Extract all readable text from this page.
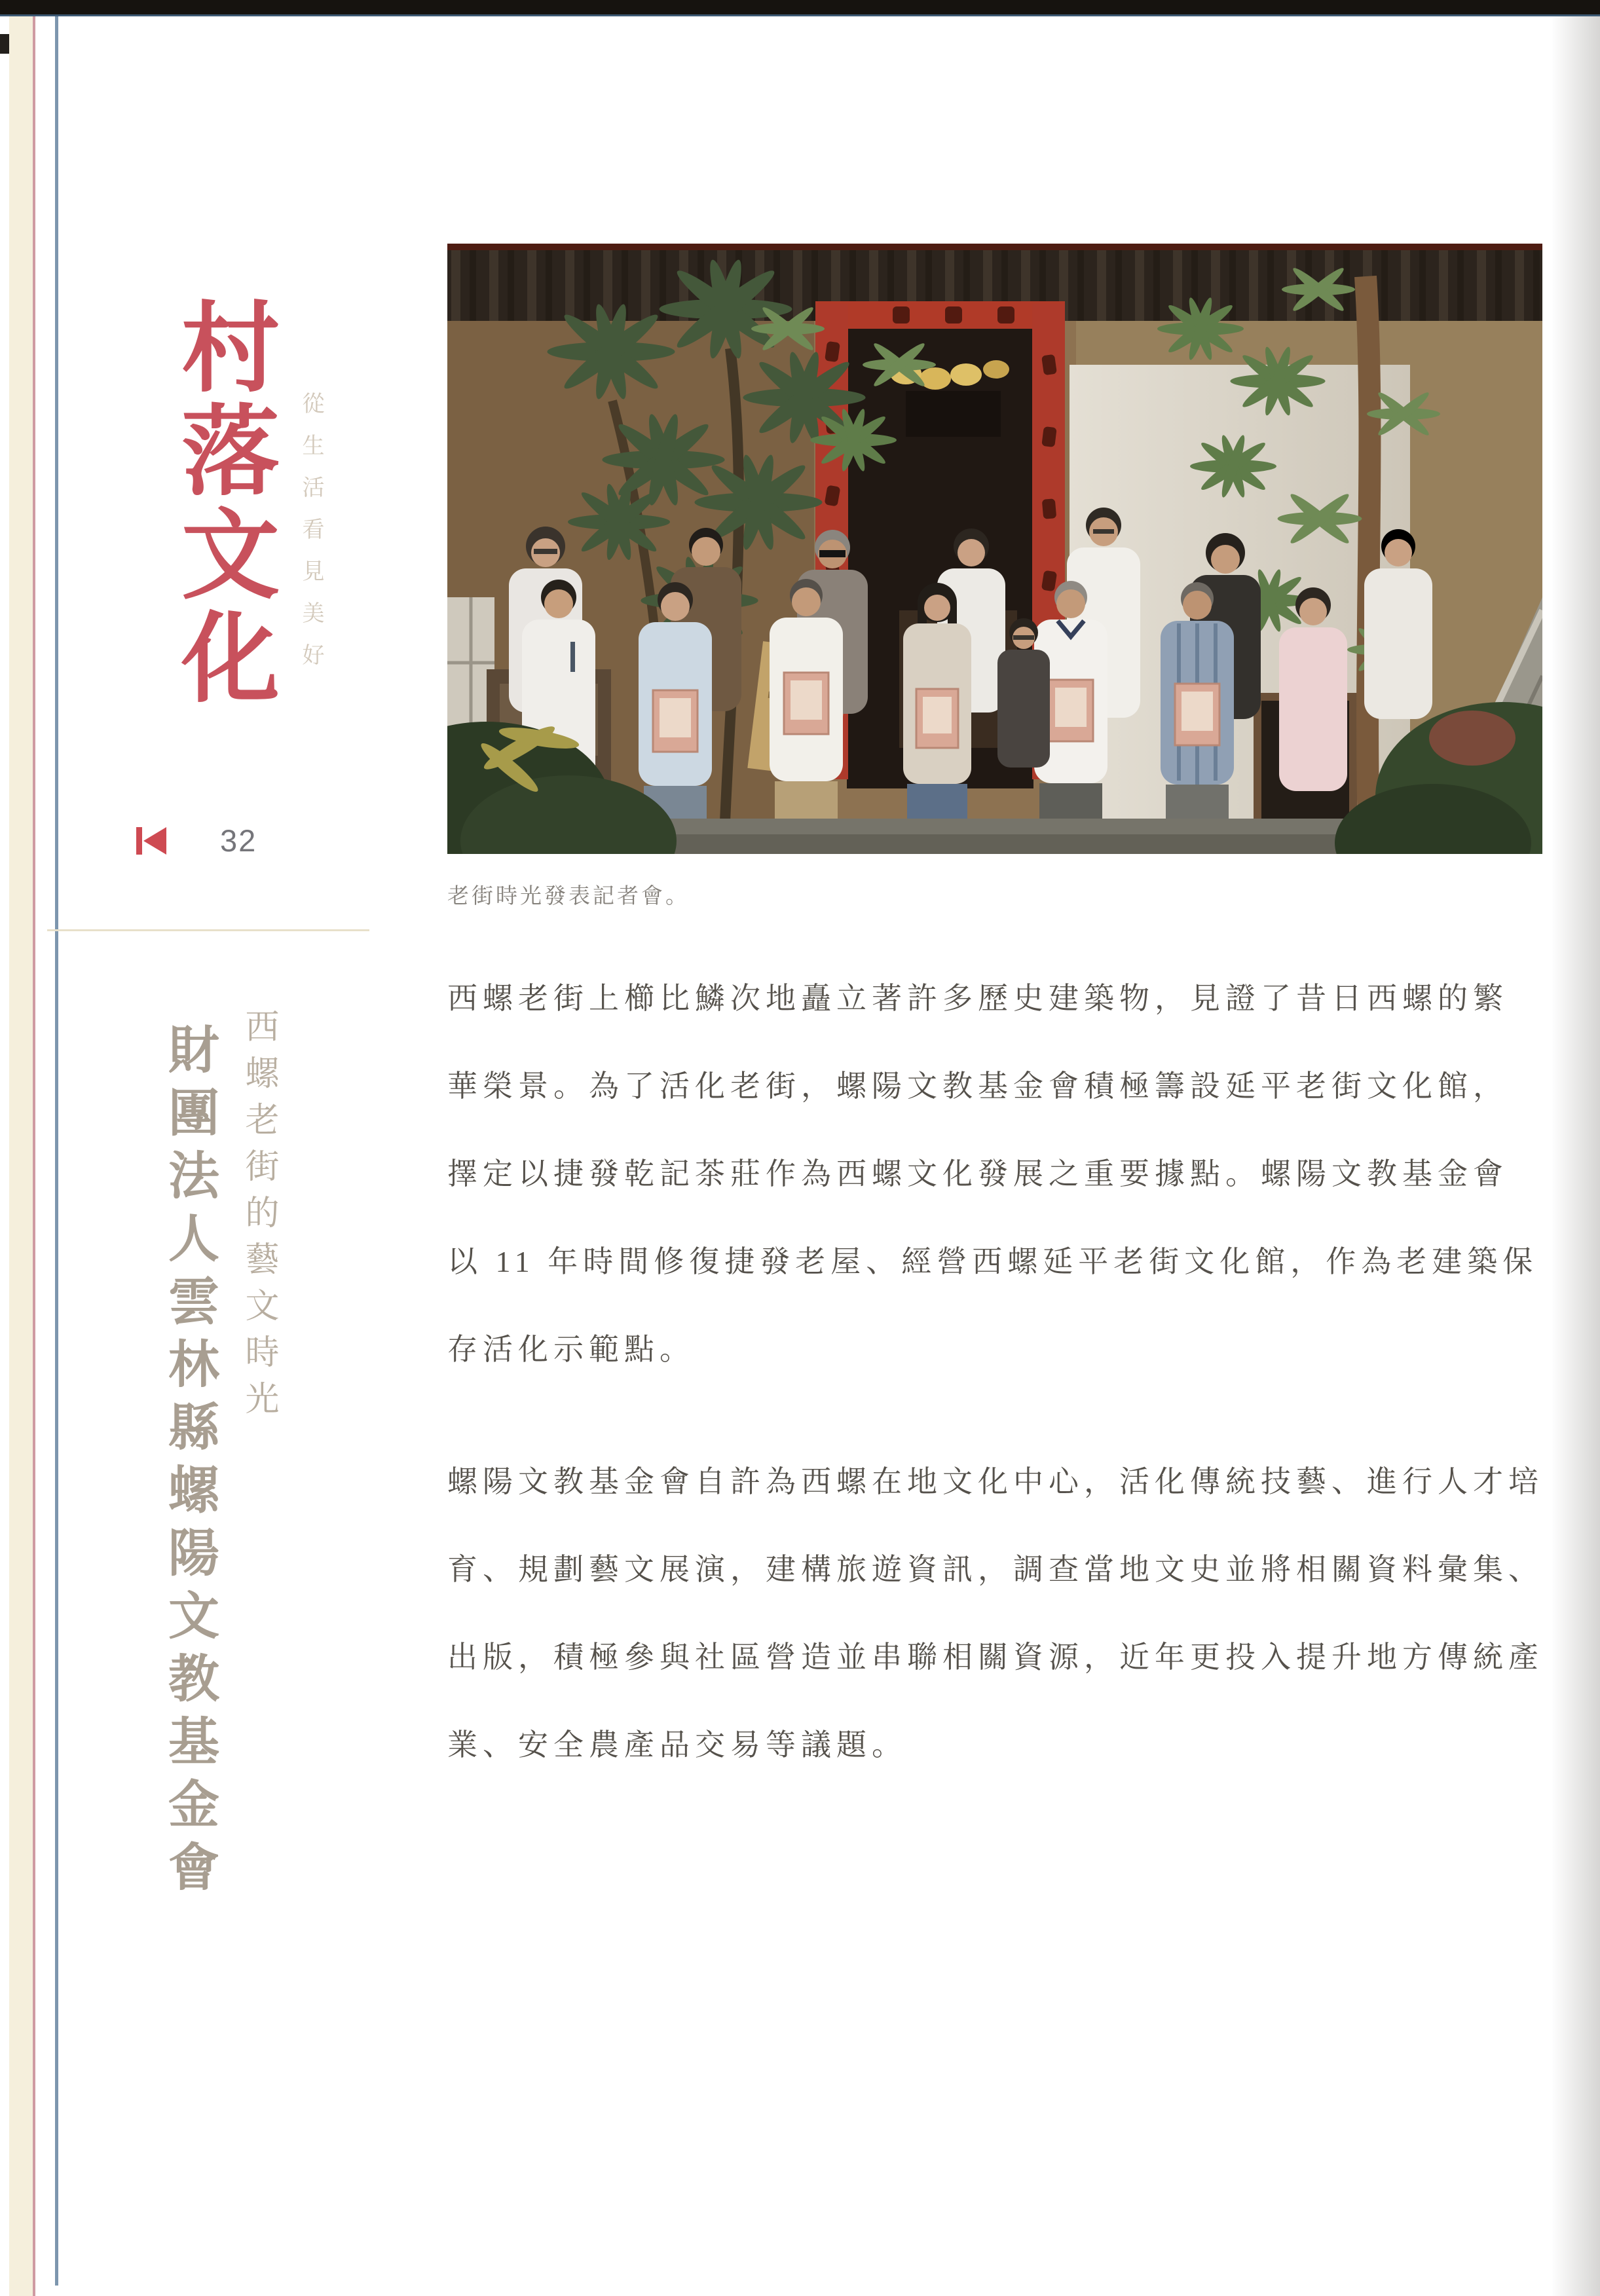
村落文化 從生活看見美好
32
西螺老街的藝文時光
財團法人雲林縣螺陽文教基金會
老街時光發表記者會。
西螺老街上櫛比鱗次地矗立著許多歷史建築物，見證了昔日西螺的繁
華榮景。為了活化老街，螺陽文教基金會積極籌設延平老街文化館，
擇定以捷發乾記茶莊作為西螺文化發展之重要據點。螺陽文教基金會
以 11 年時間修復捷發老屋、經營西螺延平老街文化館，作為老建築保
存活化示範點。
螺陽文教基金會自許為西螺在地文化中心，活化傳統技藝、進行人才培
育、規劃藝文展演，建構旅遊資訊，調查當地文史並將相關資料彙集、
出版，積極參與社區營造並串聯相關資源，近年更投入提升地方傳統產
業、安全農產品交易等議題。
